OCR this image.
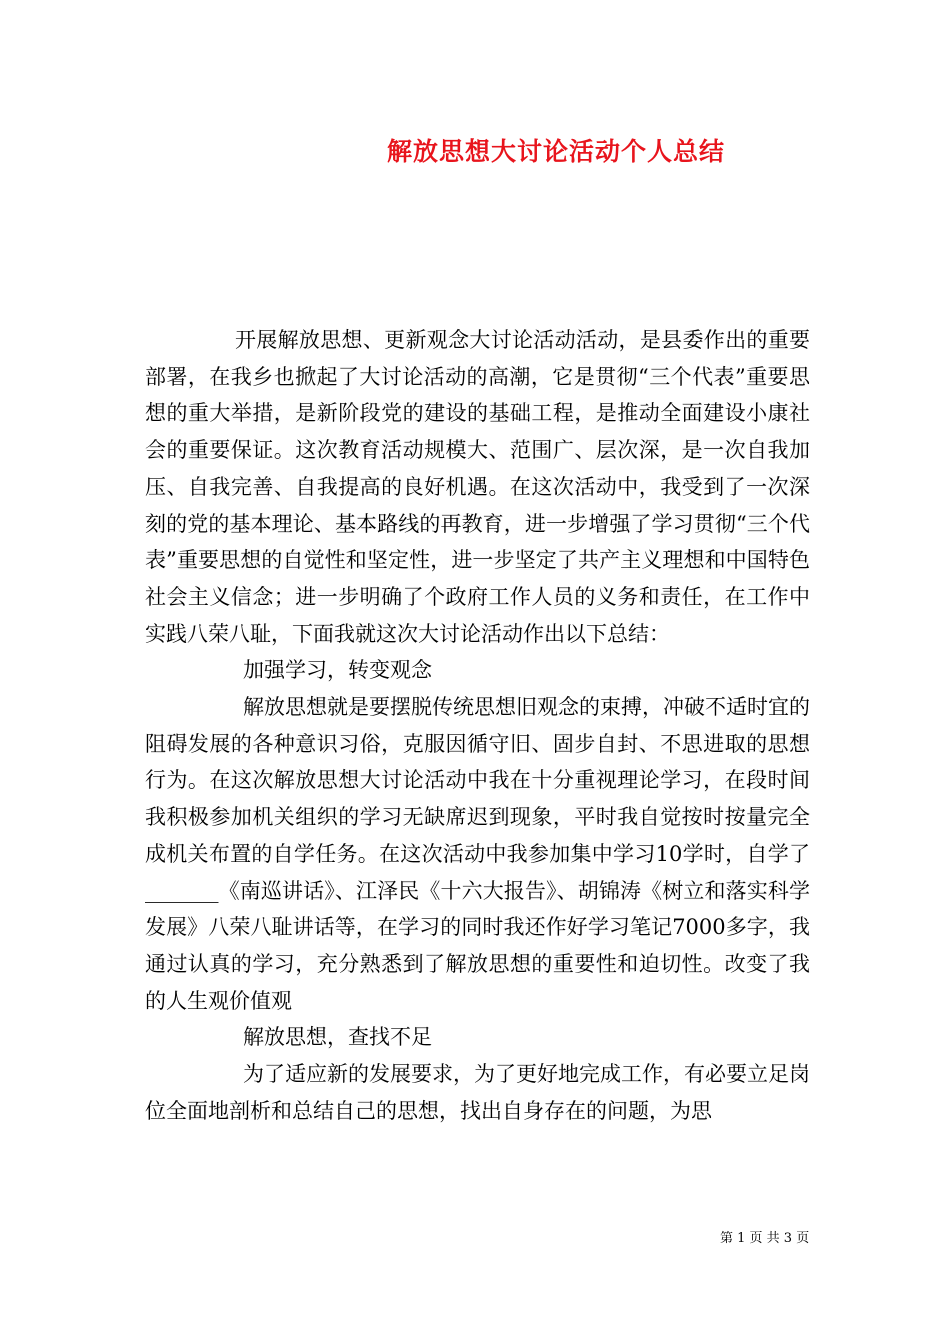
解放思想大讨论活动个人总结

开展解放思想、更新观念大讨论活动活动，是县委作出的重要部署，在我乡也掀起了大讨论活动的高潮，它是贯彻“三个代表”重要思想的重大举措，是新阶段党的建设的基础工程，是推动全面建设小康社会的重要保证。这次教育活动规模大、范围广、层次深，是一次自我加压、自我完善、自我提高的良好机遇。在这次活动中，我受到了一次深刻的党的基本理论、基本路线的再教育，进一步增强了学习贯彻“三个代表”重要思想的自觉性和坚定性，进一步坚定了共产主义理想和中国特色社会主义信念；进一步明确了个政府工作人员的义务和责任，在工作中实践八荣八耻，下面我就这次大讨论活动作出以下总结：

加强学习，转变观念

解放思想就是要摆脱传统思想旧观念的束搏，冲破不适时宜的阻碍发展的各种意识习俗，克服因循守旧、固步自封、不思进取的思想行为。在这次解放思想大讨论活动中我在十分重视理论学习，在段时间我积极参加机关组织的学习无缺席迟到现象，平时我自觉按时按量完全成机关布置的自学任务。在这次活动中我参加集中学习10学时，自学了_______《南巡讲话》、江泽民《十六大报告》、胡锦涛《树立和落实科学发展》八荣八耻讲话等，在学习的同时我还作好学习笔记7000多字，我通过认真的学习，充分熟悉到了解放思想的重要性和迫切性。改变了我的人生观价值观

解放思想，查找不足

为了适应新的发展要求，为了更好地完成工作，有必要立足岗位全面地剖析和总结自己的思想，找出自身存在的问题，为思

第 1 页 共 3 页
